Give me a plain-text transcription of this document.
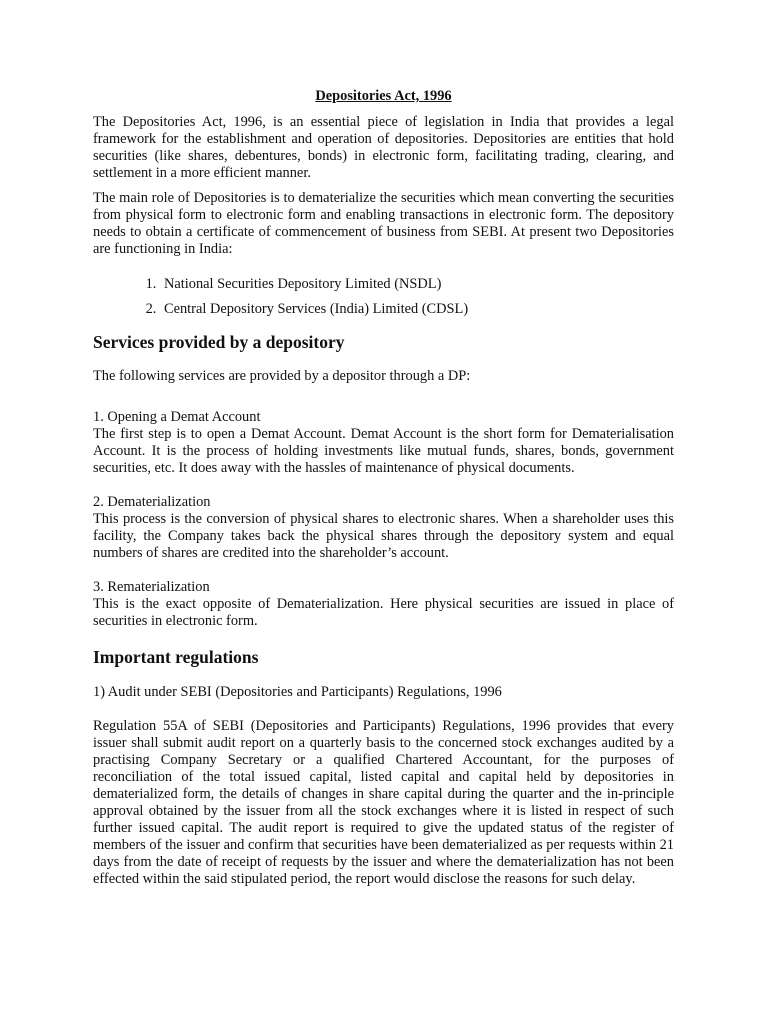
Depositories Act, 1996

The Depositories Act, 1996, is an essential piece of legislation in India that provides a legal framework for the establishment and operation of depositories. Depositories are entities that hold securities (like shares, debentures, bonds) in electronic form, facilitating trading, clearing, and settlement in a more efficient manner.

The main role of Depositories is to dematerialize the securities which mean converting the securities from physical form to electronic form and enabling transactions in electronic form. The depository needs to obtain a certificate of commencement of business from SEBI. At present two Depositories are functioning in India:

1. National Securities Depository Limited (NSDL)
2. Central Depository Services (India) Limited (CDSL)
Services provided by a depository

The following services are provided by a depositor through a DP:

1. Opening a Demat Account
The first step is to open a Demat Account. Demat Account is the short form for Dematerialisation Account. It is the process of holding investments like mutual funds, shares, bonds, government securities, etc. It does away with the hassles of maintenance of physical documents.
2. Dematerialization
This process is the conversion of physical shares to electronic shares. When a shareholder uses this facility, the Company takes back the physical shares through the depository system and equal numbers of shares are credited into the shareholder’s account.
3. Rematerialization
This is the exact opposite of Dematerialization. Here physical securities are issued in place of securities in electronic form.
Important regulations

1) Audit under SEBI (Depositories and Participants) Regulations, 1996

Regulation 55A of SEBI (Depositories and Participants) Regulations, 1996 provides that every issuer shall submit audit report on a quarterly basis to the concerned stock exchanges audited by a practising Company Secretary or a qualified Chartered Accountant, for the purposes of reconciliation of the total issued capital, listed capital and capital held by depositories in dematerialized form, the details of changes in share capital during the quarter and the in-principle approval obtained by the issuer from all the stock exchanges where it is listed in respect of such further issued capital. The audit report is required to give the updated status of the register of members of the issuer and confirm that securities have been dematerialized as per requests within 21 days from the date of receipt of requests by the issuer and where the dematerialization has not been effected within the said stipulated period, the report would disclose the reasons for such delay.
